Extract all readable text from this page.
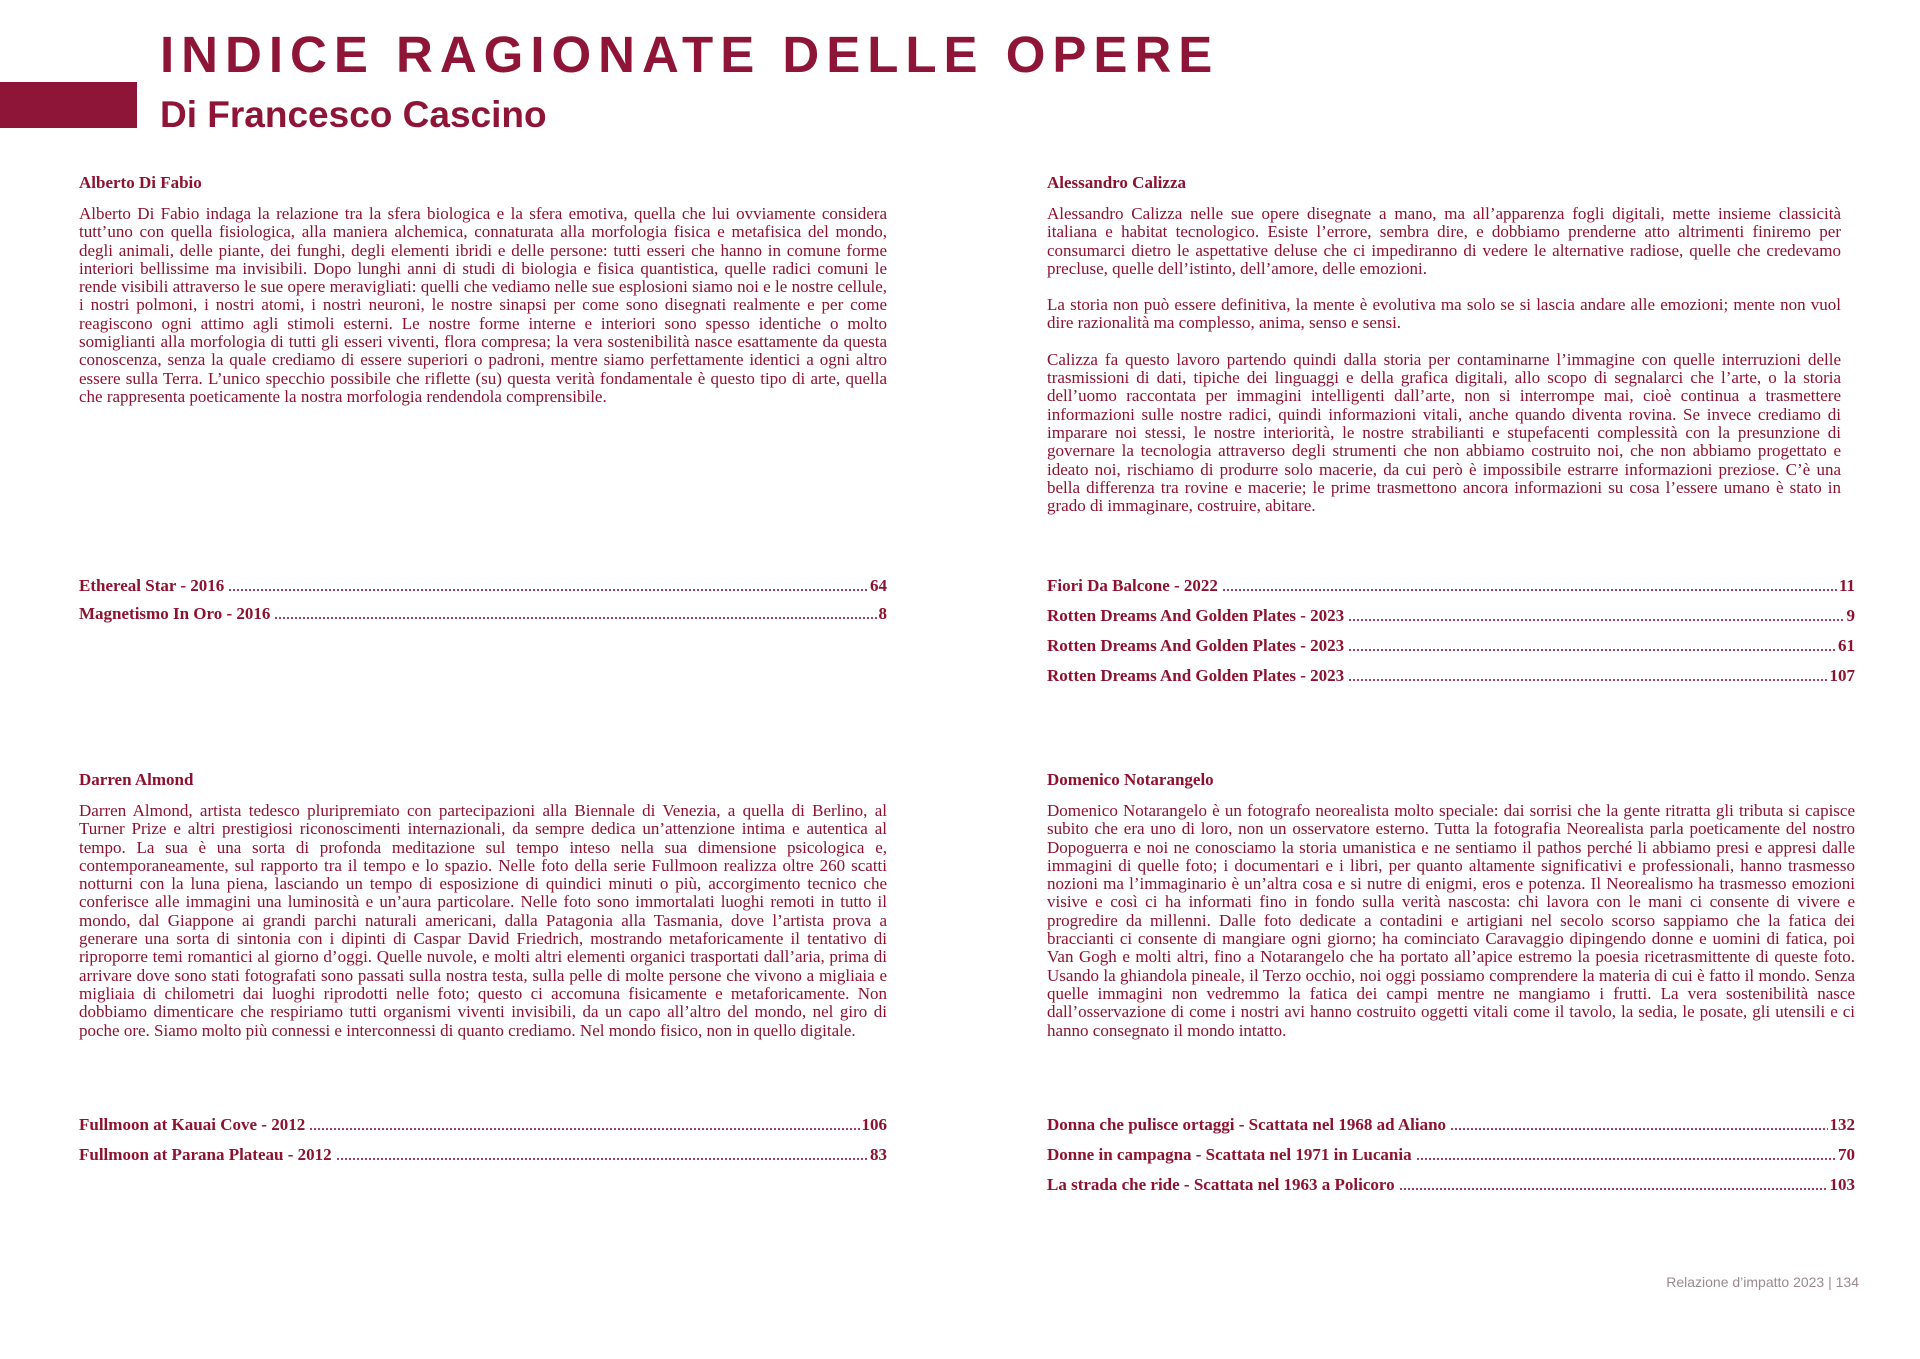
INDICE RAGIONATE DELLE OPERE
Di Francesco Cascino
Alberto Di Fabio

Alberto Di Fabio indaga la relazione tra la sfera biologica e la sfera emotiva, quella che lui ovviamente considera tutt’uno con quella fisiologica, alla maniera alchemica, connaturata alla morfologia fisica e metafisica del mondo, degli animali, delle piante, dei funghi, degli elementi ibridi e delle persone: tutti esseri che hanno in comune forme interiori bellissime ma invisibili. Dopo lunghi anni di studi di biologia e fisica quantistica, quelle radici comuni le rende visibili attraverso le sue opere meravigliati: quelli che vediamo nelle sue esplosioni siamo noi e le nostre cellule, i nostri polmoni, i nostri atomi, i nostri neuroni, le nostre sinapsi per come sono disegnati realmente e per come reagiscono ogni attimo agli stimoli esterni. Le nostre forme interne e interiori sono spesso identiche o molto somiglianti alla morfologia di tutti gli esseri viventi, flora compresa; la vera sostenibilità nasce esattamente da questa conoscenza, senza la quale crediamo di essere superiori o padroni, mentre siamo perfettamente identici a ogni altro essere sulla Terra. L’unico specchio possibile che riflette (su) questa verità fondamentale è questo tipo di arte, quella che rappresenta poeticamente la nostra morfologia rendendola comprensibile.

Ethereal Star - 2016	64
Magnetismo In Oro - 2016	8
Alessandro Calizza

Alessandro Calizza nelle sue opere disegnate a mano, ma all’apparenza fogli digitali, mette insieme classicità italiana e habitat tecnologico. Esiste l’errore, sembra dire, e dobbiamo prenderne atto altrimenti finiremo per consumarci dietro le aspettative deluse che ci impediranno di vedere le alternative radiose, quelle che credevamo precluse, quelle dell’istinto, dell’amore, delle emozioni.

La storia non può essere definitiva, la mente è evolutiva ma solo se si lascia andare alle emozioni; mente non vuol dire razionalità ma complesso, anima, senso e sensi.

Calizza fa questo lavoro partendo quindi dalla storia per contaminarne l’immagine con quelle interruzioni delle trasmissioni di dati, tipiche dei linguaggi e della grafica digitali, allo scopo di segnalarci che l’arte, o la storia dell’uomo raccontata per immagini intelligenti dall’arte, non si interrompe mai, cioè continua a trasmettere informazioni sulle nostre radici, quindi informazioni vitali, anche quando diventa rovina. Se invece crediamo di imparare noi stessi, le nostre interiorità, le nostre strabilianti e stupefacenti complessità con la presunzione di governare la tecnologia attraverso degli strumenti che non abbiamo costruito noi, che non abbiamo progettato e ideato noi, rischiamo di produrre solo macerie, da cui però è impossibile estrarre informazioni preziose. C’è una bella differenza tra rovine e macerie; le prime trasmettono ancora informazioni su cosa l’essere umano è stato in grado di immaginare, costruire, abitare.

Fiori Da Balcone - 2022	11
Rotten Dreams And Golden Plates - 2023	9
Rotten Dreams And Golden Plates - 2023	61
Rotten Dreams And Golden Plates - 2023	107
Darren Almond

Darren Almond, artista tedesco pluripremiato con partecipazioni alla Biennale di Venezia, a quella di Berlino, al Turner Prize e altri prestigiosi riconoscimenti internazionali, da sempre dedica un’attenzione intima e autentica al tempo. La sua è una sorta di profonda meditazione sul tempo inteso nella sua dimensione psicologica e, contemporaneamente, sul rapporto tra il tempo e lo spazio. Nelle foto della serie Fullmoon realizza oltre 260 scatti notturni con la luna piena, lasciando un tempo di esposizione di quindici minuti o più, accorgimento tecnico che conferisce alle immagini una luminosità e un’aura particolare. Nelle foto sono immortalati luoghi remoti in tutto il mondo, dal Giappone ai grandi parchi naturali americani, dalla Patagonia alla Tasmania, dove l’artista prova a generare una sorta di sintonia con i dipinti di Caspar David Friedrich, mostrando metaforicamente il tentativo di riproporre temi romantici al giorno d’oggi. Quelle nuvole, e molti altri elementi organici trasportati dall’aria, prima di arrivare dove sono stati fotografati sono passati sulla nostra testa, sulla pelle di molte persone che vivono a migliaia e migliaia di chilometri dai luoghi riprodotti nelle foto; questo ci accomuna fisicamente e metaforicamente. Non dobbiamo dimenticare che respiriamo tutti organismi viventi invisibili, da un capo all’altro del mondo, nel giro di poche ore. Siamo molto più connessi e interconnessi di quanto crediamo. Nel mondo fisico, non in quello digitale.

Fullmoon at Kauai Cove - 2012	106
Fullmoon at Parana Plateau - 2012	83
Domenico Notarangelo

Domenico Notarangelo è un fotografo neorealista molto speciale: dai sorrisi che la gente ritratta gli tributa si capisce subito che era uno di loro, non un osservatore esterno. Tutta la fotografia Neorealista parla poeticamente del nostro Dopoguerra e noi ne conosciamo la storia umanistica e ne sentiamo il pathos perché li abbiamo presi e appresi dalle immagini di quelle foto; i documentari e i libri, per quanto altamente significativi e professionali, hanno trasmesso nozioni ma l’immaginario è un’altra cosa e si nutre di enigmi, eros e potenza. Il Neorealismo ha trasmesso emozioni visive e così ci ha informati fino in fondo sulla verità nascosta: chi lavora con le mani ci consente di vivere e progredire da millenni. Dalle foto dedicate a contadini e artigiani nel secolo scorso sappiamo che la fatica dei braccianti ci consente di mangiare ogni giorno; ha cominciato Caravaggio dipingendo donne e uomini di fatica, poi Van Gogh e molti altri, fino a Notarangelo che ha portato all’apice estremo la poesia ricetrasmittente di queste foto. Usando la ghiandola pineale, il Terzo occhio, noi oggi possiamo comprendere la materia di cui è fatto il mondo. Senza quelle immagini non vedremmo la fatica dei campi mentre ne mangiamo i frutti. La vera sostenibilità nasce dall’osservazione di come i nostri avi hanno costruito oggetti vitali come il tavolo, la sedia, le posate, gli utensili e ci hanno consegnato il mondo intatto.

Donna che pulisce ortaggi - Scattata nel 1968 ad Aliano	132
Donne in campagna - Scattata nel 1971 in Lucania	70
La strada che ride - Scattata nel 1963 a Policoro	103
Relazione d’impatto 2023 | 134
